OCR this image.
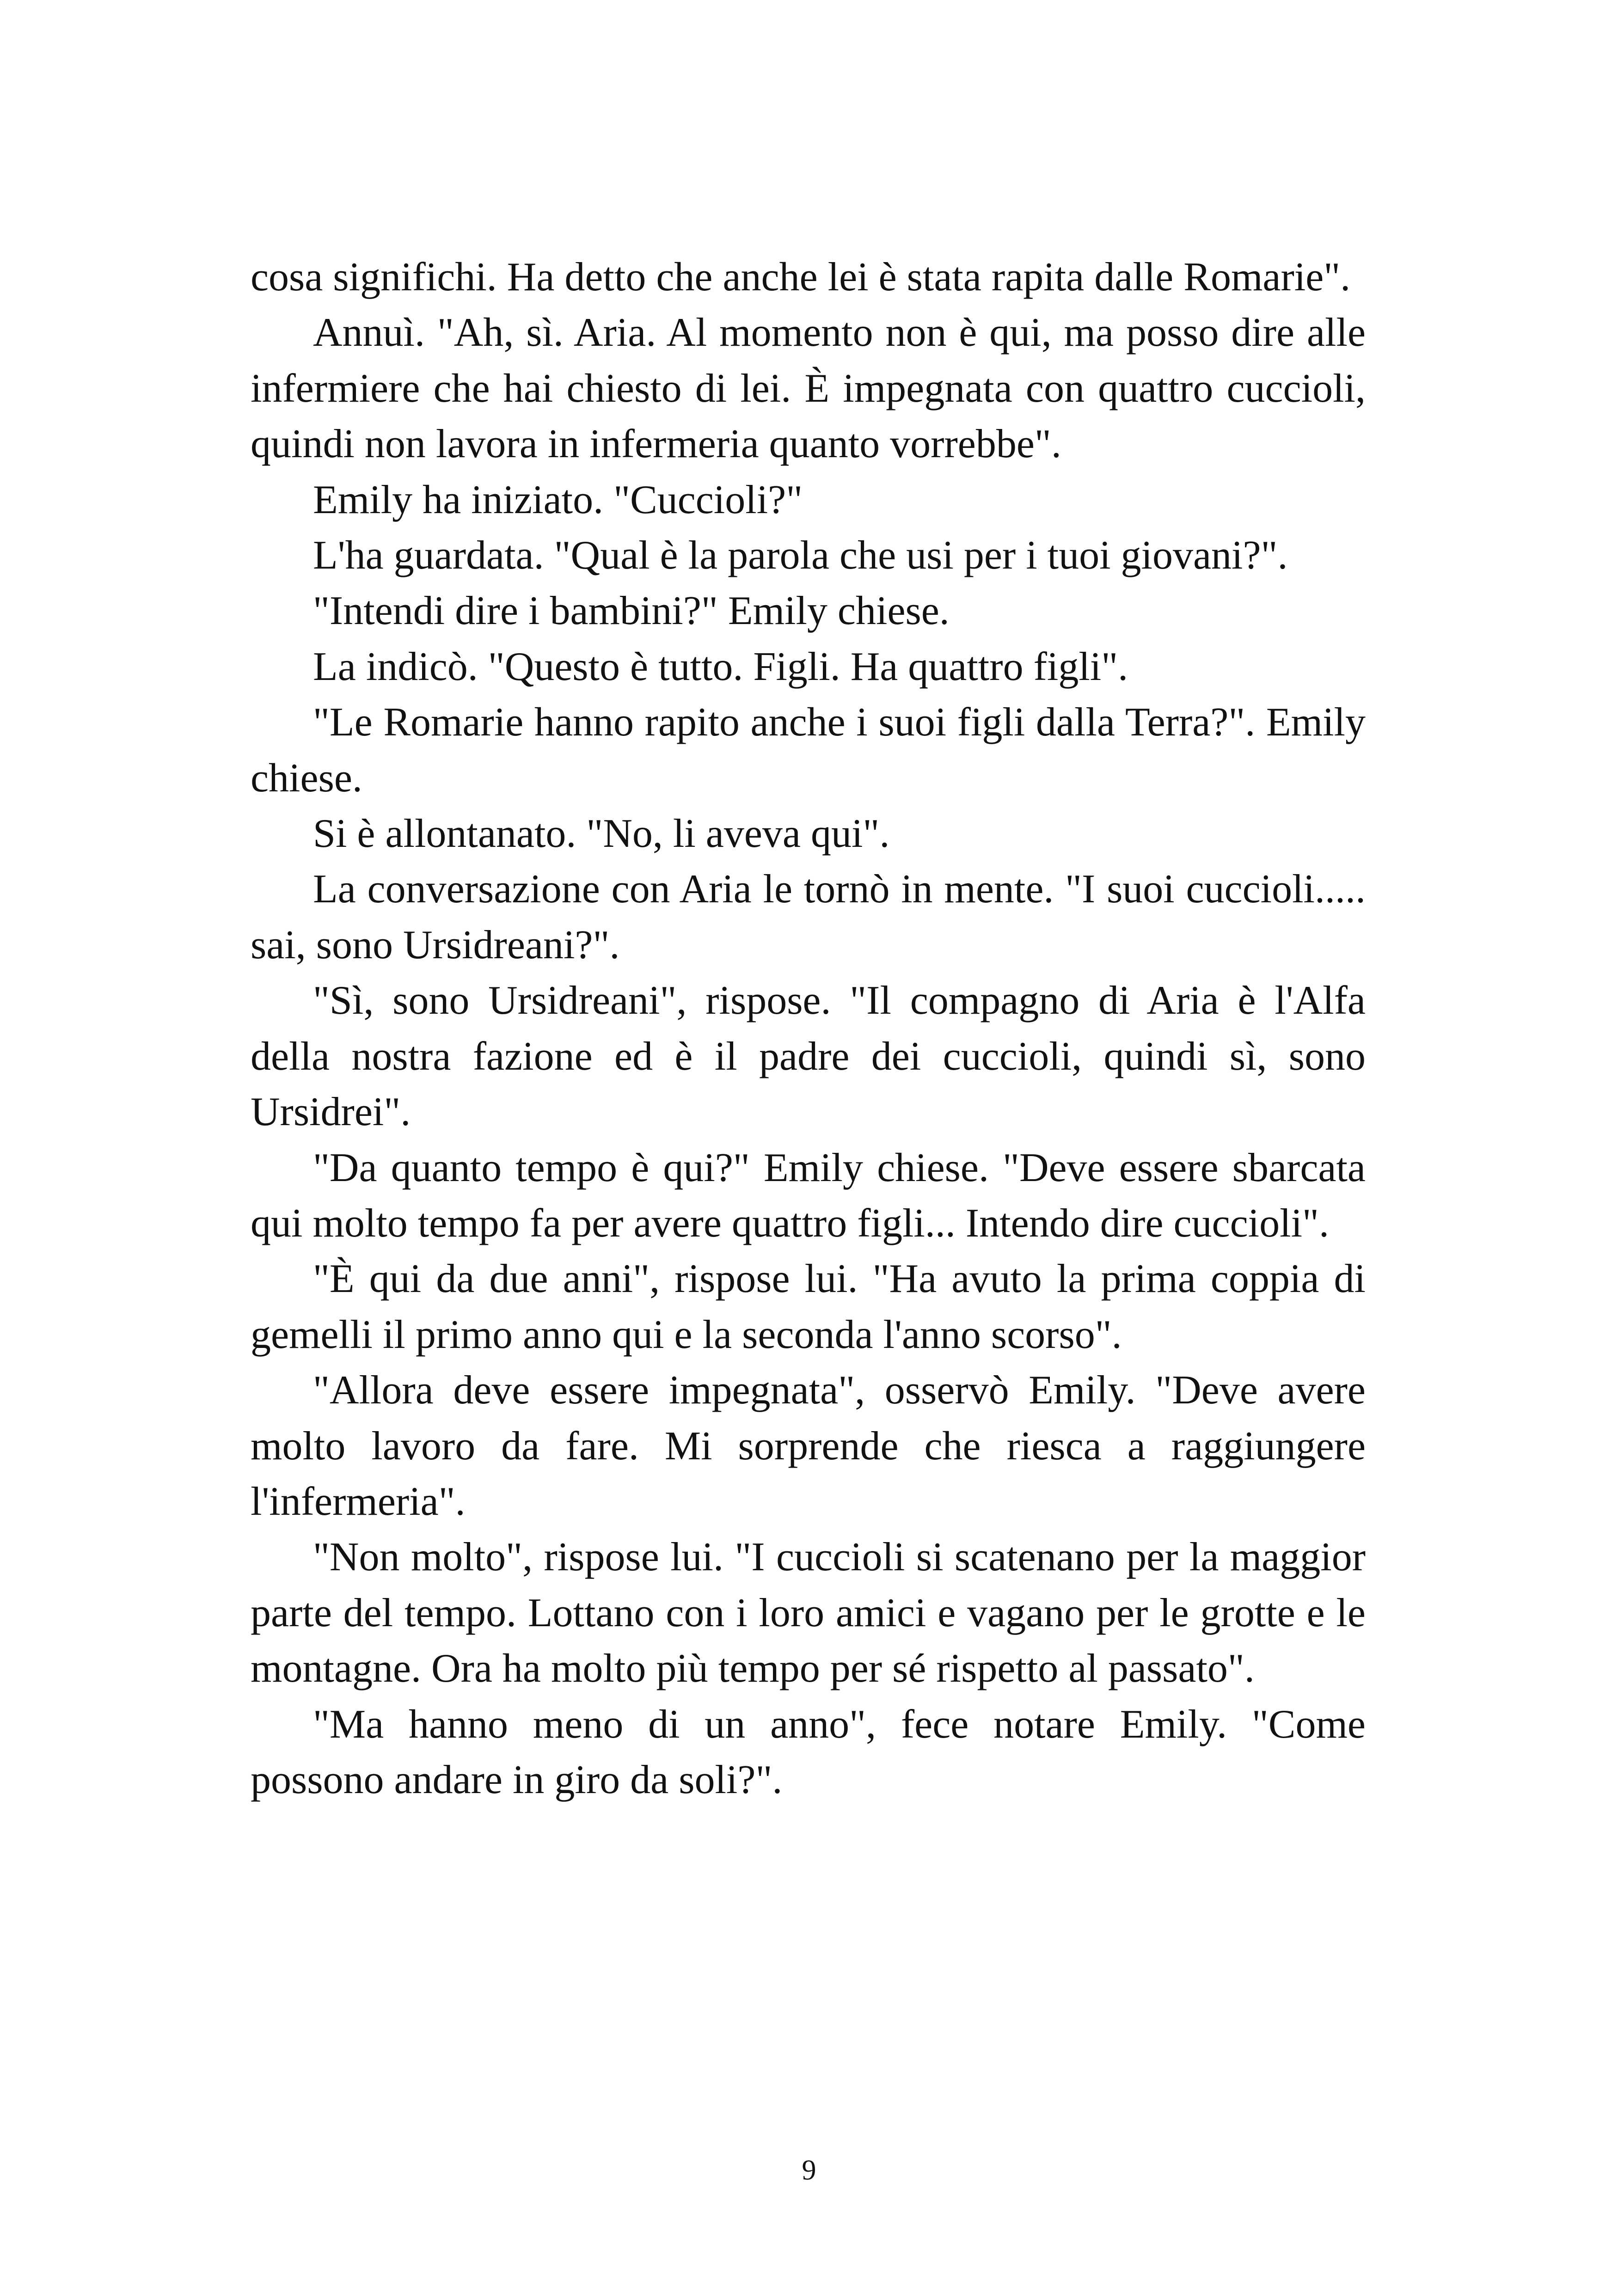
cosa significhi. Ha detto che anche lei è stata rapita dalle Romarie".

Annuì. "Ah, sì. Aria. Al momento non è qui, ma posso dire alle infermiere che hai chiesto di lei. È impegnata con quattro cuccioli, quindi non lavora in infermeria quanto vorrebbe".

Emily ha iniziato. "Cuccioli?"

L'ha guardata. "Qual è la parola che usi per i tuoi giovani?".

"Intendi dire i bambini?" Emily chiese.

La indicò. "Questo è tutto. Figli. Ha quattro figli".

"Le Romarie hanno rapito anche i suoi figli dalla Terra?". Emily chiese.

Si è allontanato. "No, li aveva qui".

La conversazione con Aria le tornò in mente. "I suoi cuccioli..... sai, sono Ursidreani?".

"Sì, sono Ursidreani", rispose. "Il compagno di Aria è l'Alfa della nostra fazione ed è il padre dei cuccioli, quindi sì, sono Ursidrei".

"Da quanto tempo è qui?" Emily chiese. "Deve essere sbarcata qui molto tempo fa per avere quattro figli... Intendo dire cuccioli".

"È qui da due anni", rispose lui. "Ha avuto la prima coppia di gemelli il primo anno qui e la seconda l'anno scorso".

"Allora deve essere impegnata", osservò Emily. "Deve avere molto lavoro da fare. Mi sorprende che riesca a raggiungere l'infermeria".

"Non molto", rispose lui. "I cuccioli si scatenano per la maggior parte del tempo. Lottano con i loro amici e vagano per le grotte e le montagne. Ora ha molto più tempo per sé rispetto al passato".

"Ma hanno meno di un anno", fece notare Emily. "Come possono andare in giro da soli?".

9
